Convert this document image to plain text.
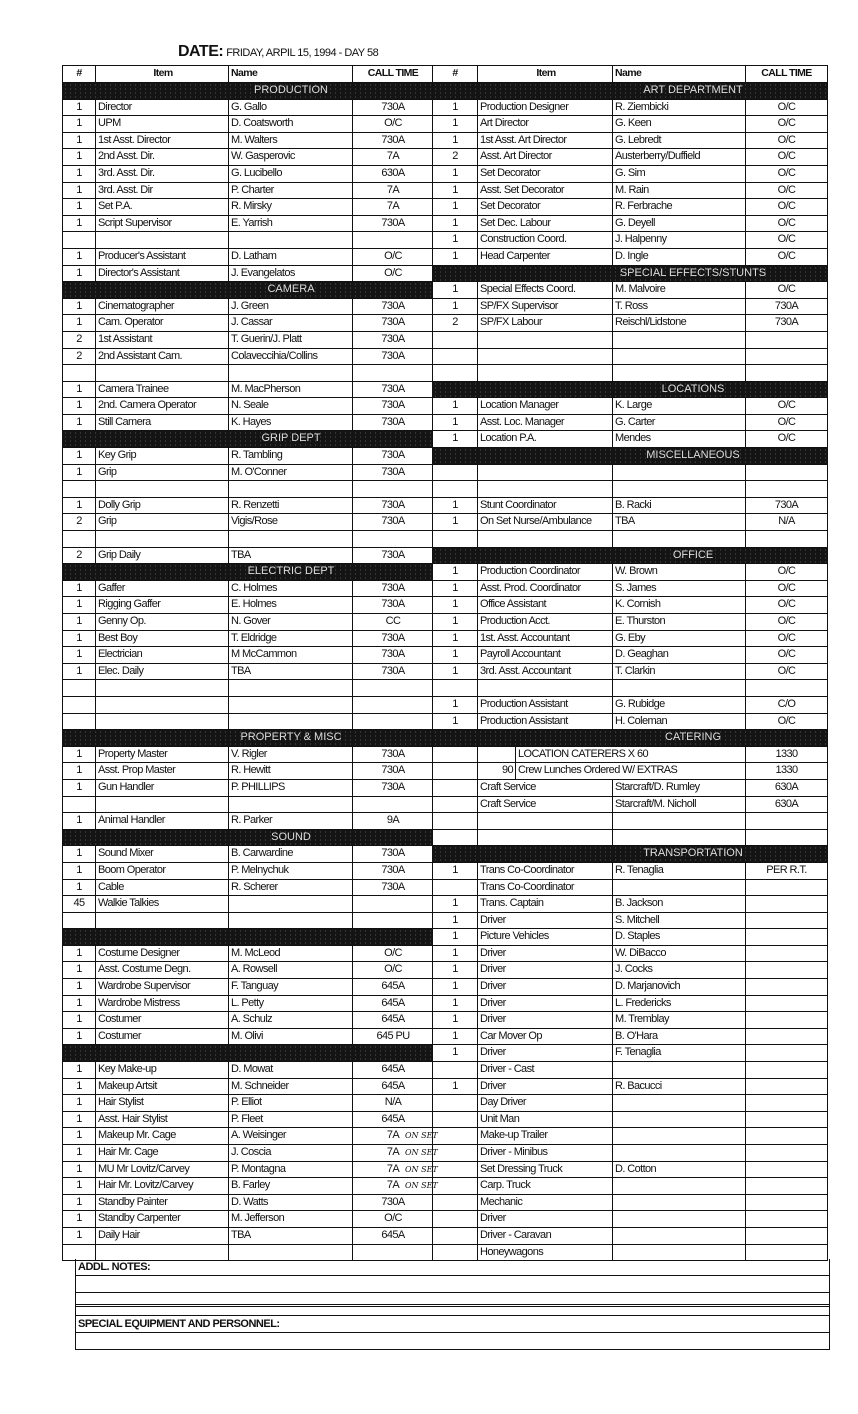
DATE: FRIDAY, ARPIL 15, 1994 - DAY 58
#	Item	Name	CALL TIME
PRODUCTION
1	Director	G. Gallo	730A
1	UPM	D. Coatsworth	O/C
1	1st Asst. Director	M. Walters	730A
1	2nd Asst. Dir.	W. Gasperovic	7A
1	3rd. Asst. Dir.	G. Lucibello	630A
1	3rd. Asst. Dir	P. Charter	7A
1	Set P.A.	R. Mirsky	7A
1	Script Supervisor	E. Yarrish	730A
1	Producer's Assistant	D. Latham	O/C
1	Director's Assistant	J. Evangelatos	O/C
CAMERA
1	Cinematographer	J. Green	730A
1	Cam. Operator	J. Cassar	730A
2	1st Assistant	T. Guerin/J. Platt	730A
2	2nd Assistant Cam.	Colaveccihia/Collins	730A
1	Camera Trainee	M. MacPherson	730A
1	2nd. Camera Operator	N. Seale	730A
1	Still Camera	K. Hayes	730A
GRIP DEPT
1	Key Grip	R. Tambling	730A
1	Grip	M. O'Conner	730A
1	Dolly Grip	R. Renzetti	730A
2	Grip	Vigis/Rose	730A
2	Grip Daily	TBA	730A
ELECTRIC DEPT
1	Gaffer	C. Holmes	730A
1	Rigging Gaffer	E. Holmes	730A
1	Genny Op.	N. Gover	CC
1	Best Boy	T. Eldridge	730A
1	Electrician	M McCammon	730A
1	Elec. Daily	TBA	730A
PROPERTY & MISC
1	Property Master	V. Rigler	730A
1	Asst. Prop Master	R. Hewitt	730A
1	Gun Handler	P. PHILLIPS	730A
1	Animal Handler	R. Parker	9A
SOUND
1	Sound Mixer	B. Carwardine	730A
1	Boom Operator	P. Melnychuk	730A
1	Cable	R. Scherer	730A
45	Walkie Talkies
1	Costume Designer	M. McLeod	O/C
1	Asst. Costume Degn.	A. Rowsell	O/C
1	Wardrobe Supervisor	F. Tanguay	645A
1	Wardrobe Mistress	L. Petty	645A
1	Costumer	A. Schulz	645A
1	Costumer	M. Olivi	645 PU
1	Key Make-up	D. Mowat	645A
1	Makeup Artsit	M. Schneider	645A
1	Hair Stylist	P. Elliot	N/A
1	Asst. Hair Stylist	P. Fleet	645A
1	Makeup Mr. Cage	A. Weisinger	7A ON SET
1	Hair Mr. Cage	J. Coscia	7A ON SET
1	MU Mr Lovitz/Carvey	P. Montagna	7A ON SET
1	Hair Mr. Lovitz/Carvey	B. Farley	7A ON SET
1	Standby Painter	D. Watts	730A
1	Standby Carpenter	M. Jefferson	O/C
1	Daily Hair	TBA	645A
#	Item	Name	CALL TIME
ART DEPARTMENT
1	Production Designer	R. Ziembicki	O/C
1	Art Director	G. Keen	O/C
1	1st Asst. Art Director	G. Lebredt	O/C
2	Asst. Art Director	Austerberry/Duffield	O/C
1	Set Decorator	G. Sim	O/C
1	Asst. Set Decorator	M. Rain	O/C
1	Set Decorator	R. Ferbrache	O/C
1	Set Dec. Labour	G. Deyell	O/C
1	Construction Coord.	J. Halpenny	O/C
1	Head Carpenter	D. Ingle	O/C
SPECIAL EFFECTS/STUNTS
1	Special Effects Coord.	M. Malvoire	O/C
1	SP/FX Supervisor	T. Ross	730A
2	SP/FX Labour	Reischl/Lidstone	730A
LOCATIONS
1	Location Manager	K. Large	O/C
1	Asst. Loc. Manager	G. Carter	O/C
1	Location P.A.	Mendes	O/C
MISCELLANEOUS
1	Stunt Coordinator	B. Racki	730A
1	On Set Nurse/Ambulance	TBA	N/A
OFFICE
1	Production Coordinator	W. Brown	O/C
1	Asst. Prod. Coordinator	S. James	O/C
1	Office Assistant	K. Cornish	O/C
1	Production Acct.	E. Thurston	O/C
1	1st. Asst. Accountant	G. Eby	O/C
1	Payroll Accountant	D. Geaghan	O/C
1	3rd. Asst. Accountant	T. Clarkin	O/C
1	Production Assistant	G. Rubidge	C/O
1	Production Assistant	H. Coleman	O/C
CATERING
LOCATION CATERERS X 60	1330
90 Crew Lunches Ordered W/ EXTRAS	1330
Craft Service	Starcraft/D. Rumley	630A
Craft Service	Starcraft/M. Nicholl	630A
TRANSPORTATION
1	Trans Co-Coordinator	R. Tenaglia	PER R.T.
Trans Co-Coordinator
1	Trans. Captain	B. Jackson
1	Driver	S. Mitchell
1	Picture Vehicles	D. Staples
1	Driver	W. DiBacco
1	Driver	J. Cocks
1	Driver	D. Marjanovich
1	Driver	L. Fredericks
1	Driver	M. Tremblay
1	Car Mover Op	B. O'Hara
1	Driver	F. Tenaglia
Driver - Cast
1	Driver	R. Bacucci
Day Driver
Unit Man
Make-up Trailer
Driver - Minibus
Set Dressing Truck	D. Cotton
Carp. Truck
Mechanic
Driver
Driver - Caravan
Honeywagons
ADDL. NOTES:
SPECIAL EQUIPMENT AND PERSONNEL:
